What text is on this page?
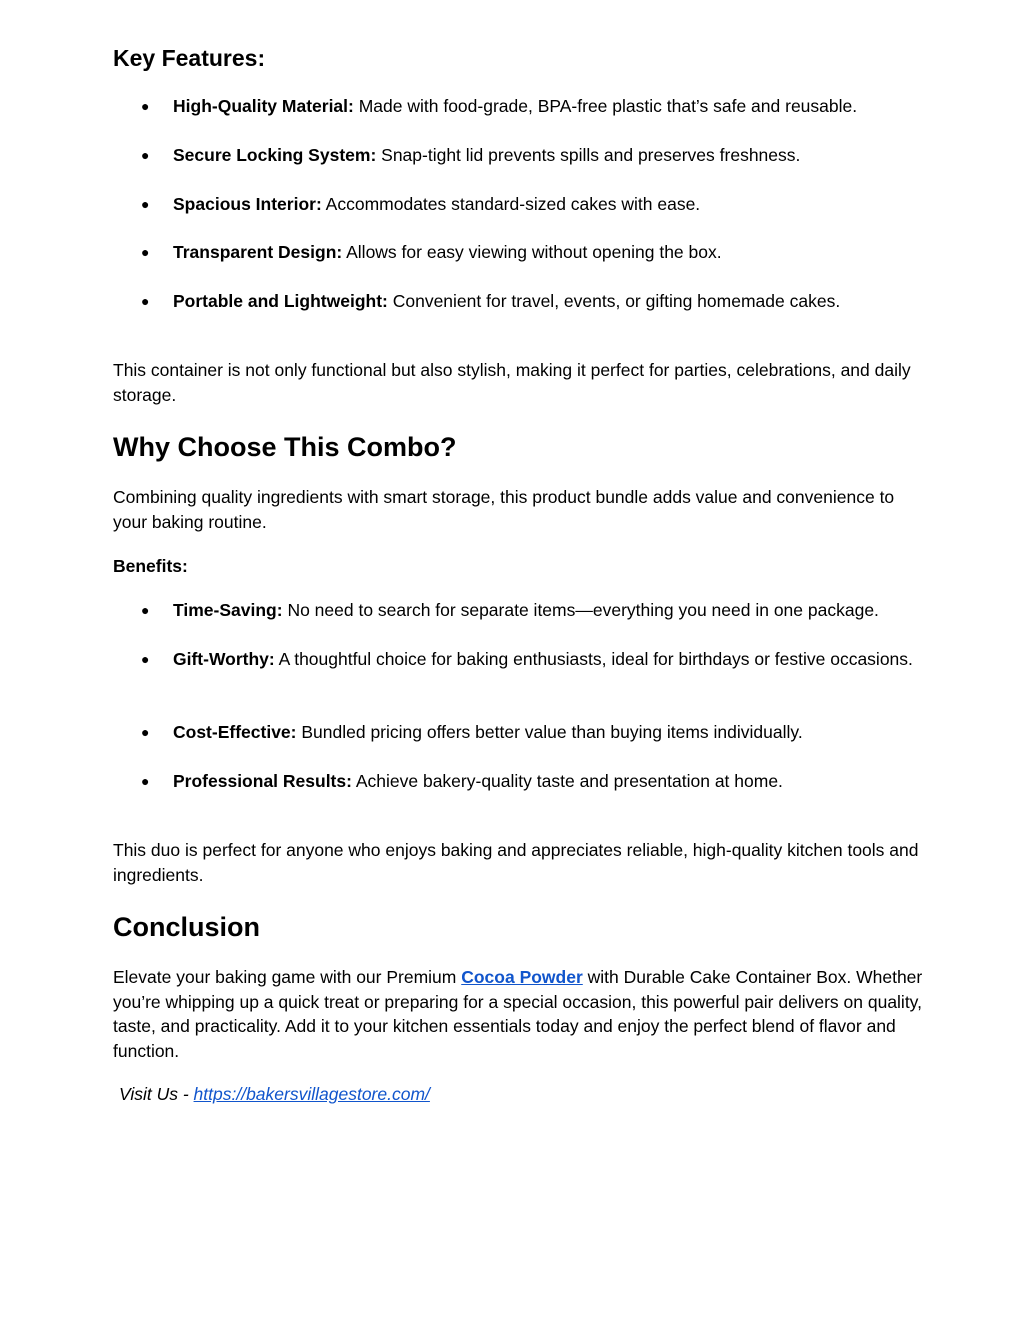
Key Features:
● High-Quality Material: Made with food-grade, BPA-free plastic that’s safe and reusable.
● Secure Locking System: Snap-tight lid prevents spills and preserves freshness.
● Spacious Interior: Accommodates standard-sized cakes with ease.
● Transparent Design: Allows for easy viewing without opening the box.
● Portable and Lightweight: Convenient for travel, events, or gifting homemade cakes.

This container is not only functional but also stylish, making it perfect for parties, celebrations, and daily storage.

Why Choose This Combo?

Combining quality ingredients with smart storage, this product bundle adds value and convenience to your baking routine.

Benefits:

● Time-Saving: No need to search for separate items—everything you need in one package.
● Gift-Worthy: A thoughtful choice for baking enthusiasts, ideal for birthdays or festive occasions.
● Cost-Effective: Bundled pricing offers better value than buying items individually.
● Professional Results: Achieve bakery-quality taste and presentation at home.

This duo is perfect for anyone who enjoys baking and appreciates reliable, high-quality kitchen tools and ingredients.

Conclusion

Elevate your baking game with our Premium Cocoa Powder with Durable Cake Container Box. Whether you’re whipping up a quick treat or preparing for a special occasion, this powerful pair delivers on quality, taste, and practicality. Add it to your kitchen essentials today and enjoy the perfect blend of flavor and function.

Visit Us - https://bakersvillagestore.com/
